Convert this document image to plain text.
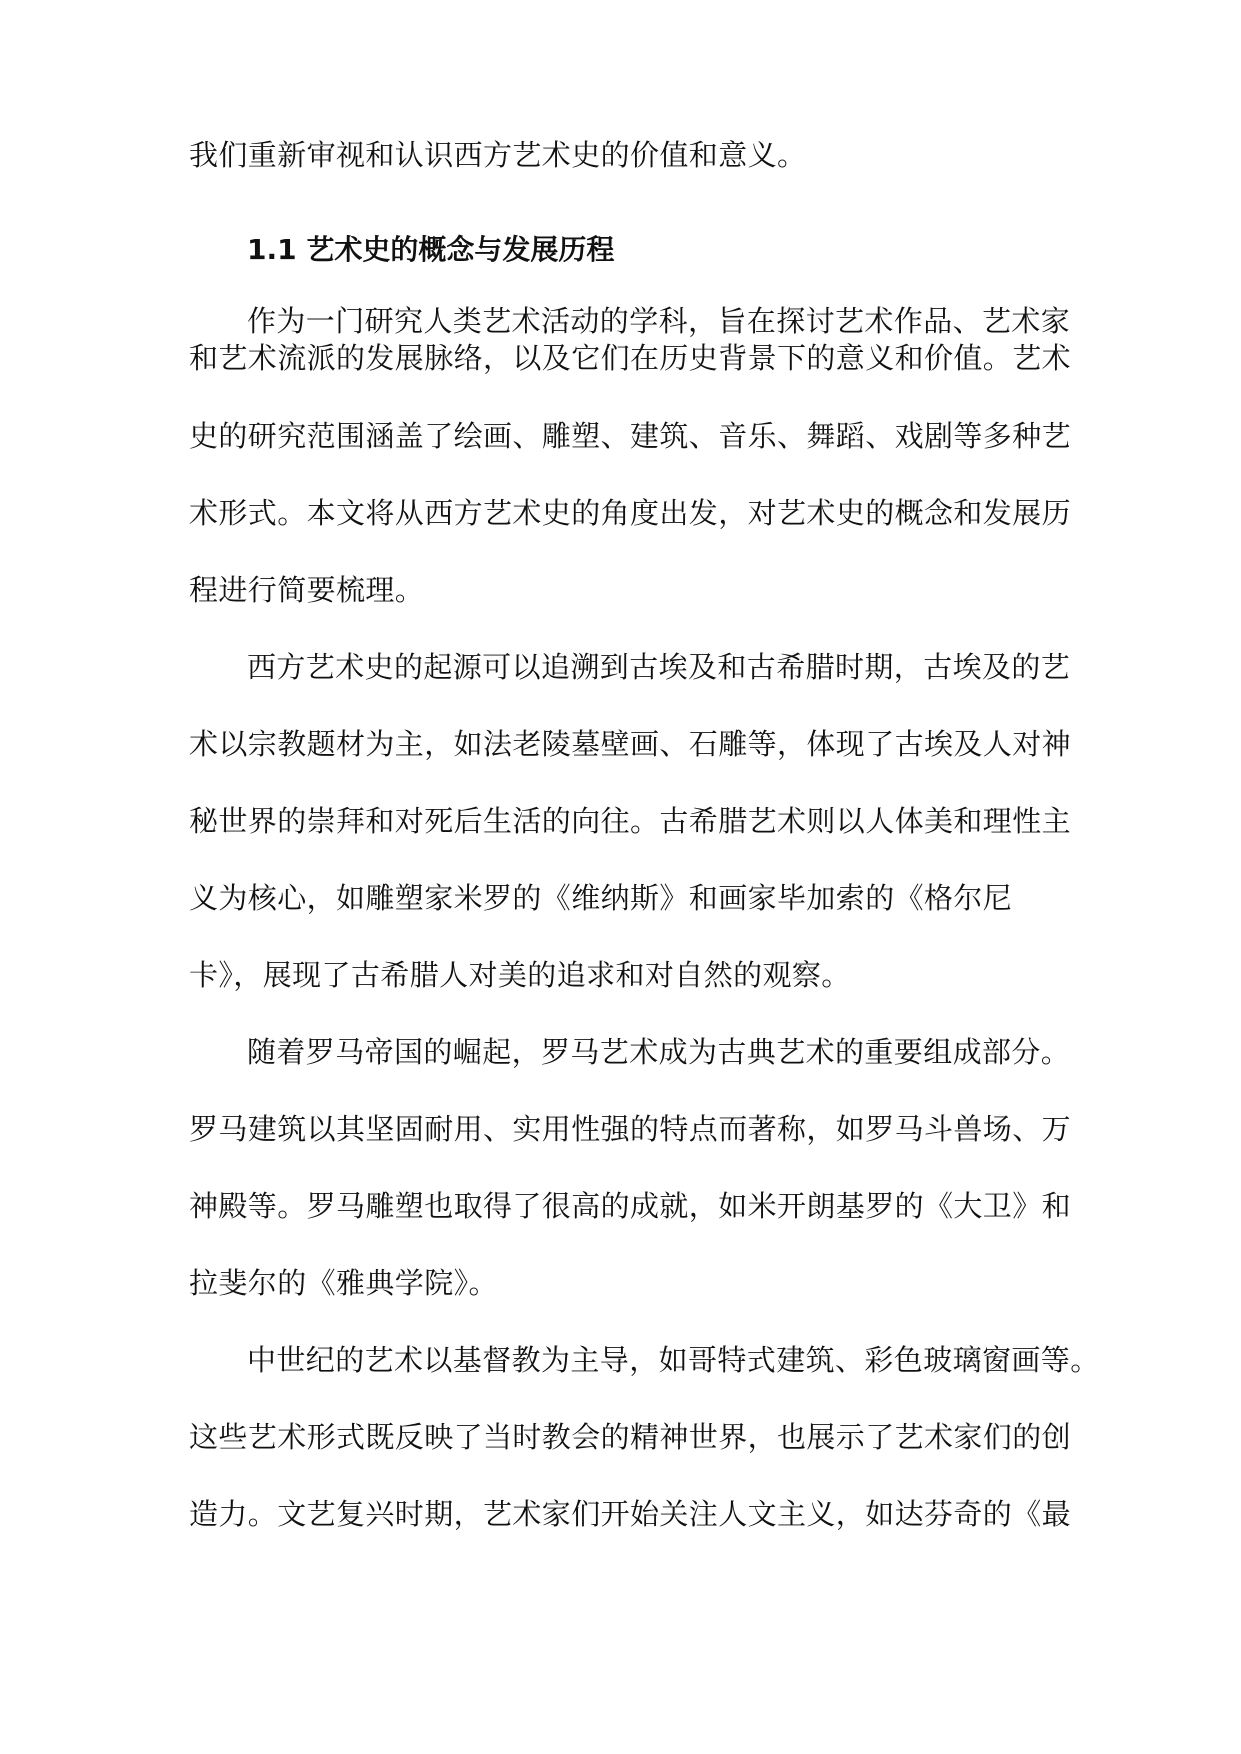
我们重新审视和认识西方艺术史的价值和意义。
1.1 艺术史的概念与发展历程
作为一门研究人类艺术活动的学科，旨在探讨艺术作品、艺术家
和艺术流派的发展脉络，以及它们在历史背景下的意义和价值。艺术
史的研究范围涵盖了绘画、雕塑、建筑、音乐、舞蹈、戏剧等多种艺
术形式。本文将从西方艺术史的角度出发，对艺术史的概念和发展历
程进行简要梳理。
西方艺术史的起源可以追溯到古埃及和古希腊时期，古埃及的艺
术以宗教题材为主，如法老陵墓壁画、石雕等，体现了古埃及人对神
秘世界的崇拜和对死后生活的向往。古希腊艺术则以人体美和理性主
义为核心，如雕塑家米罗的《维纳斯》和画家毕加索的《格尔尼
卡》，展现了古希腊人对美的追求和对自然的观察。
随着罗马帝国的崛起，罗马艺术成为古典艺术的重要组成部分。
罗马建筑以其坚固耐用、实用性强的特点而著称，如罗马斗兽场、万
神殿等。罗马雕塑也取得了很高的成就，如米开朗基罗的《大卫》和
拉斐尔的《雅典学院》。
中世纪的艺术以基督教为主导，如哥特式建筑、彩色玻璃窗画等。
这些艺术形式既反映了当时教会的精神世界，也展示了艺术家们的创
造力。文艺复兴时期，艺术家们开始关注人文主义，如达芬奇的《最
